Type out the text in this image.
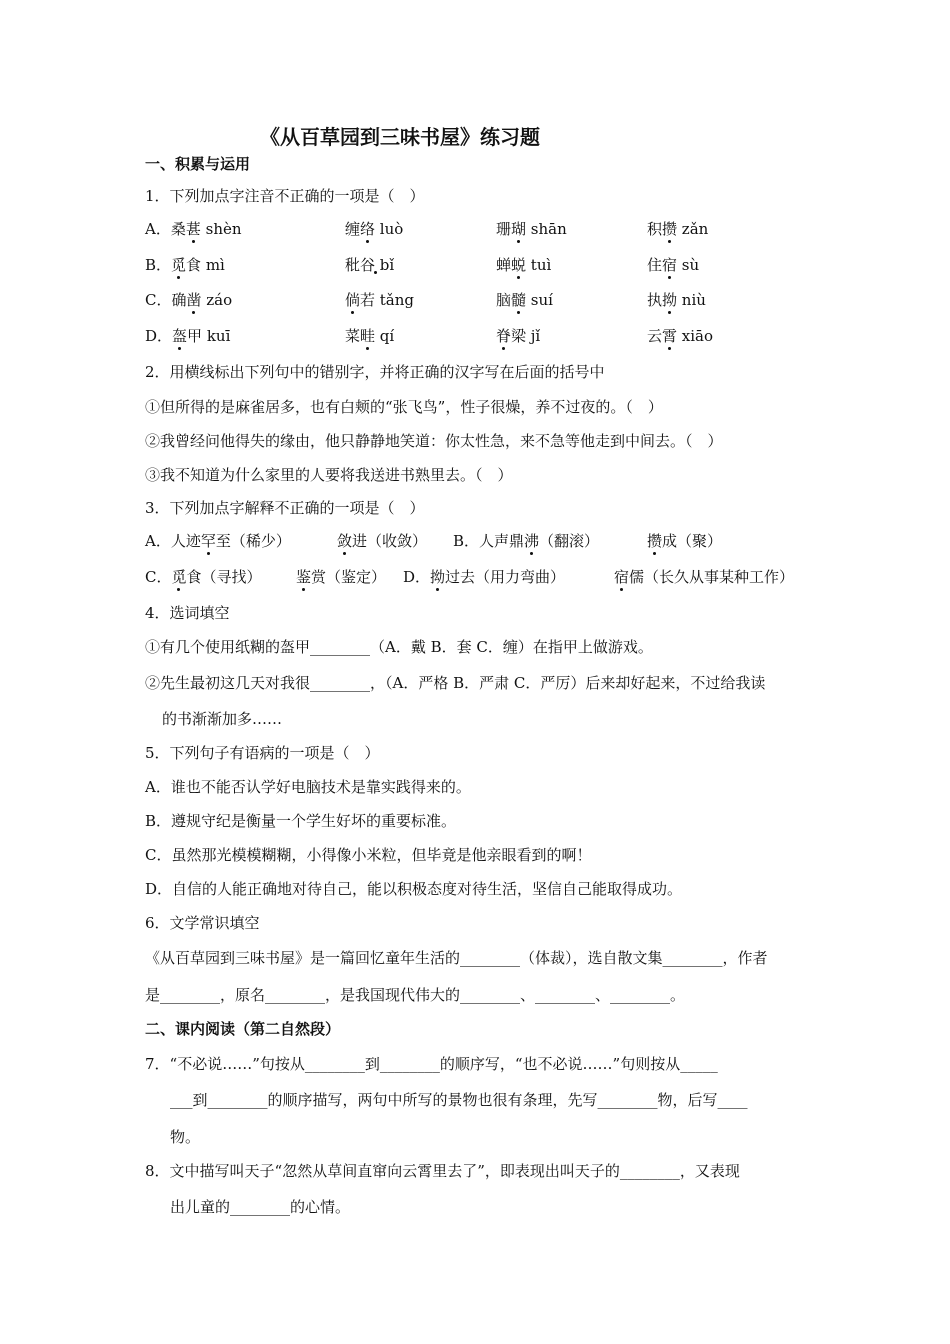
《从百草园到三味书屋》练习题
一、积累与运用
1．下列加点字注音不正确的一项是（　）
A．桑葚 shèn	缠络 luò	珊瑚 shān	积攒 zǎn
B．觅食 mì	秕谷 bǐ	蝉蜕 tuì	住宿 sù
C．确凿 záo	倘若 tǎng	脑髓 suí	执拗 niù
D．盔甲 kuī	菜畦 qí	脊梁 jǐ	云霄 xiāo
2．用横线标出下列句中的错别字，并将正确的汉字写在后面的括号中
①但所得的是麻雀居多，也有白颊的“张飞鸟”，性子很燥，养不过夜的。（　）
②我曾经问他得失的缘由，他只静静地笑道：你太性急，来不急等他走到中间去。（　）
③我不知道为什么家里的人要将我送进书熟里去。（　）
3．下列加点字解释不正确的一项是（　）
A．人迹罕至（稀少）	敛进（收敛） B．人声鼎沸（翻滚）	攒成（聚）
C．觅食（寻找） 鉴赏（鉴定） D．拗过去（用力弯曲）	宿儒（长久从事某种工作）
4．选词填空
①有几个使用纸糊的盔甲________（A．戴 B．套 C．缠）在指甲上做游戏。
②先生最初这几天对我很________，（A．严格 B．严肃 C．严厉）后来却好起来，不过给我读
的书渐渐加多……
5．下列句子有语病的一项是（　）
A．谁也不能否认学好电脑技术是靠实践得来的。
B．遵规守纪是衡量一个学生好坏的重要标准。
C．虽然那光模模糊糊，小得像小米粒，但毕竟是他亲眼看到的啊！
D．自信的人能正确地对待自己，能以积极态度对待生活，坚信自己能取得成功。
6．文学常识填空
《从百草园到三味书屋》是一篇回忆童年生活的________（体裁），选自散文集________，作者
是________，原名________，是我国现代伟大的________、________、________。
二、课内阅读（第二自然段）
7．“不必说……”句按从________到________的顺序写，“也不必说……”句则按从_____
___到________的顺序描写，两句中所写的景物也很有条理，先写________物，后写____
物。
8．文中描写叫天子“忽然从草间直窜向云霄里去了”，即表现出叫天子的________，又表现
出儿童的________的心情。
